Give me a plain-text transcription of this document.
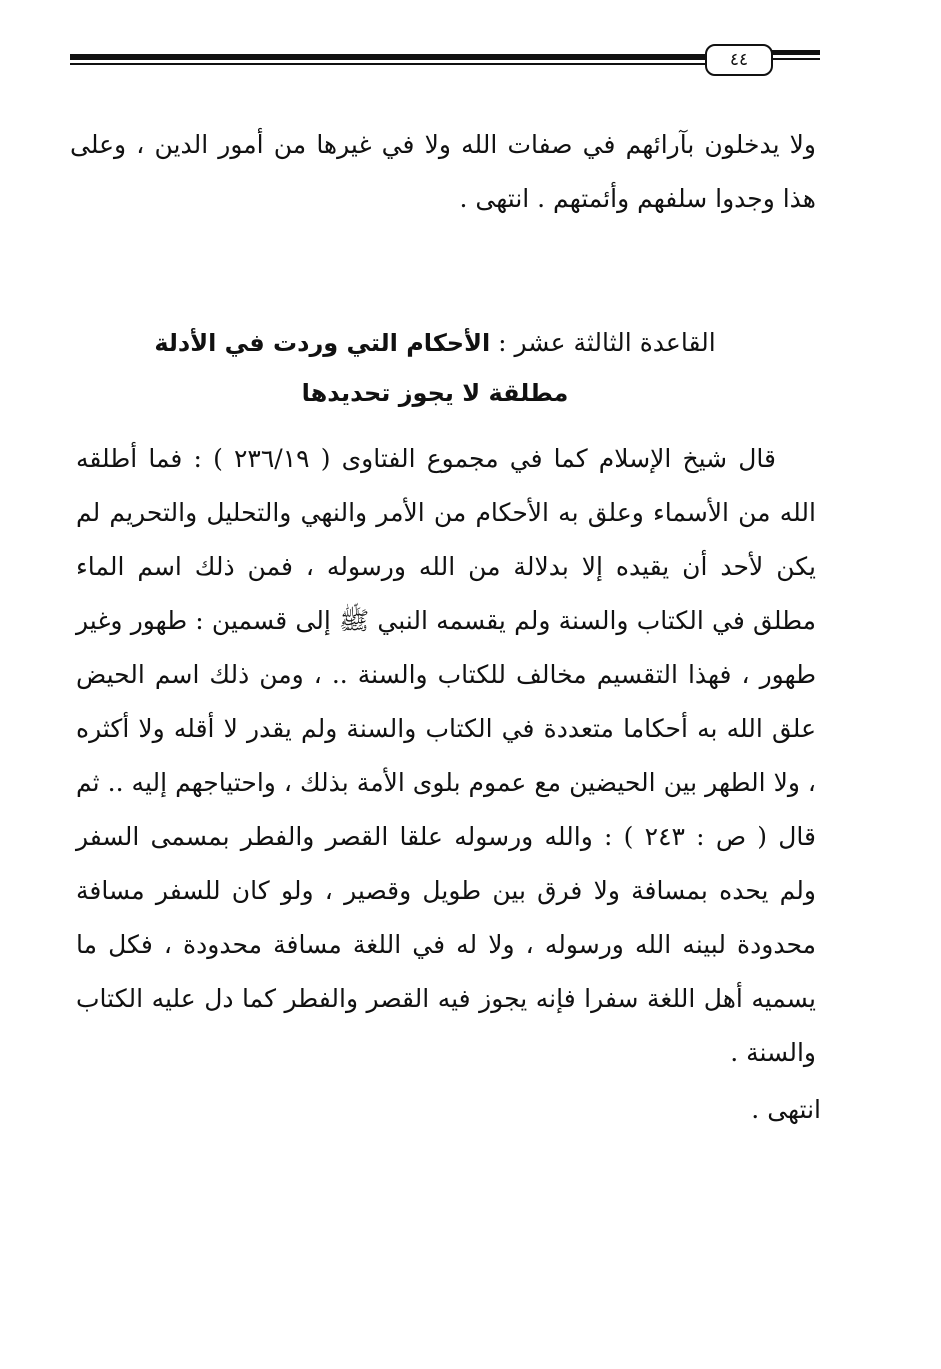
٤٤

ولا يدخلون بآرائهم في صفات الله ولا في غيرها من أمور الدين ، وعلى هذا وجدوا سلفهم وأئمتهم . انتهى .

القاعدة الثالثة عشر : الأحكام التي وردت في الأدلة مطلقة لا يجوز تحديدها

قال شيخ الإسلام كما في مجموع الفتاوى ( ٢٣٦/١٩ ) : فما أطلقه الله من الأسماء وعلق به الأحكام من الأمر والنهي والتحليل والتحريم لم يكن لأحد أن يقيده إلا بدلالة من الله ورسوله ، فمن ذلك اسم الماء مطلق في الكتاب والسنة ولم يقسمه النبي ﷺ إلى قسمين : طهور وغير طهور ، فهذا التقسيم مخالف للكتاب والسنة .. ، ومن ذلك اسم الحيض علق الله به أحكاما متعددة في الكتاب والسنة ولم يقدر لا أقله ولا أكثره ، ولا الطهر بين الحيضين مع عموم بلوى الأمة بذلك ، واحتياجهم إليه .. ثم قال ( ص : ٢٤٣ ) : والله ورسوله علقا القصر والفطر بمسمى السفر ولم يحده بمسافة ولا فرق بين طويل وقصير ، ولو كان للسفر مسافة محدودة لبينه الله ورسوله ، ولا له في اللغة مسافة محدودة ، فكل ما يسميه أهل اللغة سفرا فإنه يجوز فيه القصر والفطر كما دل عليه الكتاب والسنة .

انتهى .
